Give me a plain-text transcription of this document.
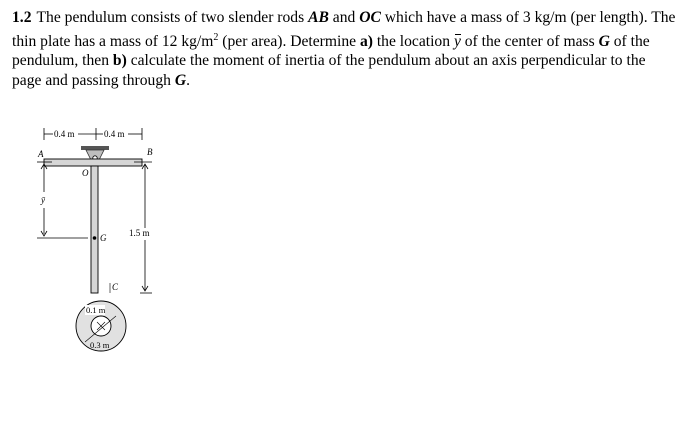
1.2 The pendulum consists of two slender rods AB and OC which have a mass of 3 kg/m (per length). The thin plate has a mass of 12 $kg/m^2$ (per area). Determine a) the location y of the center of mass G of the pendulum, then b) calculate the moment of inertia of the pendulum about an axis perpendicular to the page and passing through G.

0.4 m	0.4 m
A	B
O
G
C
ȳ
1.5 m
0.1 m
0.3 m
